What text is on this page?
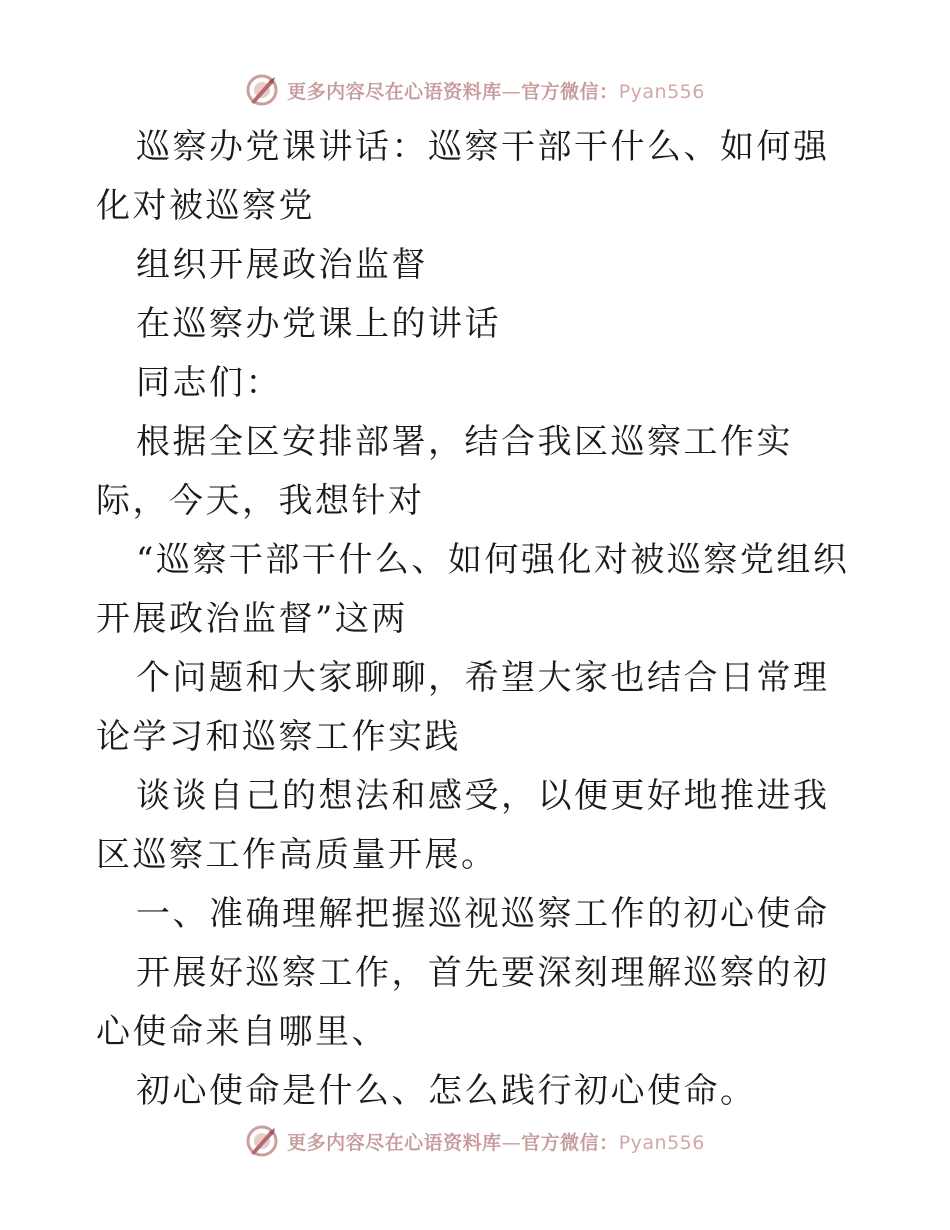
更多内容尽在心语资料库—官方微信：Pyan556

巡察办党课讲话：巡察干部干什么、如何强化对被巡察党

组织开展政治监督

在巡察办党课上的讲话

同志们：

根据全区安排部署，结合我区巡察工作实际，今天，我想针对

“巡察干部干什么、如何强化对被巡察党组织开展政治监督”这两

个问题和大家聊聊，希望大家也结合日常理论学习和巡察工作实践

谈谈自己的想法和感受，以便更好地推进我区巡察工作高质量开展。

一、准确理解把握巡视巡察工作的初心使命

开展好巡察工作，首先要深刻理解巡察的初心使命来自哪里、

初心使命是什么、怎么践行初心使命。

更多内容尽在心语资料库—官方微信：Pyan556
